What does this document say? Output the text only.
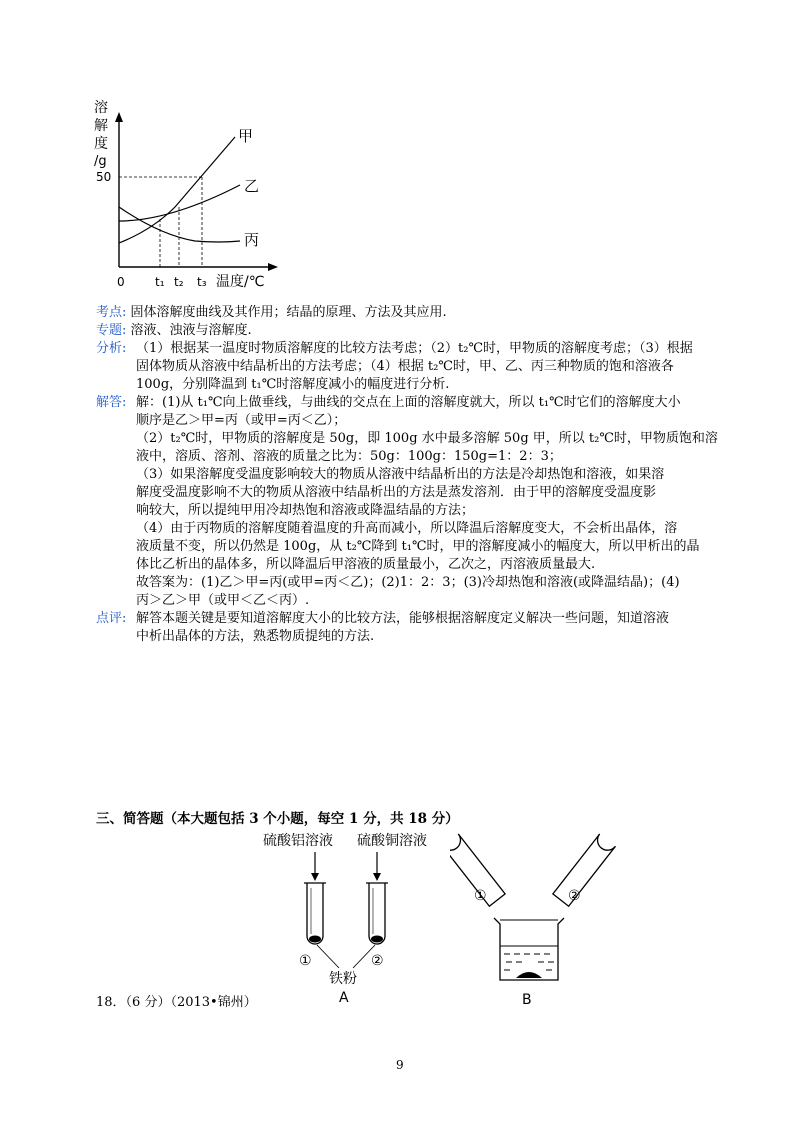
溶
解
度
/g
50
甲
乙
丙
0	t₁ t₂ t₃ 温度/℃
考点: 固体溶解度曲线及其作用；结晶的原理、方法及其应用.
专题: 溶液、浊液与溶解度.
分析: （1）根据某一温度时物质溶解度的比较方法考虑；（2）t₂℃时，甲物质的溶解度考虑；（3）根据
固体物质从溶液中结晶析出的方法考虑；（4）根据 t₂℃时，甲、乙、丙三种物质的饱和溶液各
100g，分别降温到 t₁℃时溶解度减小的幅度进行分析.
解答: 解：(1)从 t₁℃向上做垂线，与曲线的交点在上面的溶解度就大，所以 t₁℃时它们的溶解度大小
顺序是乙＞甲=丙（或甲=丙＜乙）；
（2）t₂℃时，甲物质的溶解度是 50g，即 100g 水中最多溶解 50g 甲，所以 t₂℃时，甲物质饱和溶
液中，溶质、溶剂、溶液的质量之比为：50g：100g：150g=1：2：3；
（3）如果溶解度受温度影响较大的物质从溶液中结晶析出的方法是冷却热饱和溶液，如果溶
解度受温度影响不大的物质从溶液中结晶析出的方法是蒸发溶剂．由于甲的溶解度受温度影
响较大，所以提纯甲用冷却热饱和溶液或降温结晶的方法；
（4）由于丙物质的溶解度随着温度的升高而减小，所以降温后溶解度变大，不会析出晶体，溶
液质量不变，所以仍然是 100g，从 t₂℃降到 t₁℃时，甲的溶解度减小的幅度大，所以甲析出的晶
体比乙析出的晶体多，所以降温后甲溶液的质量最小，乙次之，丙溶液质量最大.
故答案为：(1)乙＞甲=丙(或甲=丙＜乙)；(2)1：2：3；(3)冷却热饱和溶液(或降温结晶)；(4)
丙＞乙＞甲（或甲＜乙＜丙）.
点评: 解答本题关键是要知道溶解度大小的比较方法，能够根据溶解度定义解决一些问题，知道溶液
中析出晶体的方法，熟悉物质提纯的方法.
三、简答题（本大题包括 3 个小题，每空 1 分，共 18 分）
硫酸铝溶液 硫酸铜溶液
①	②
铁粉
A
①	②
B
18．（6 分）（2013•锦州）
9
